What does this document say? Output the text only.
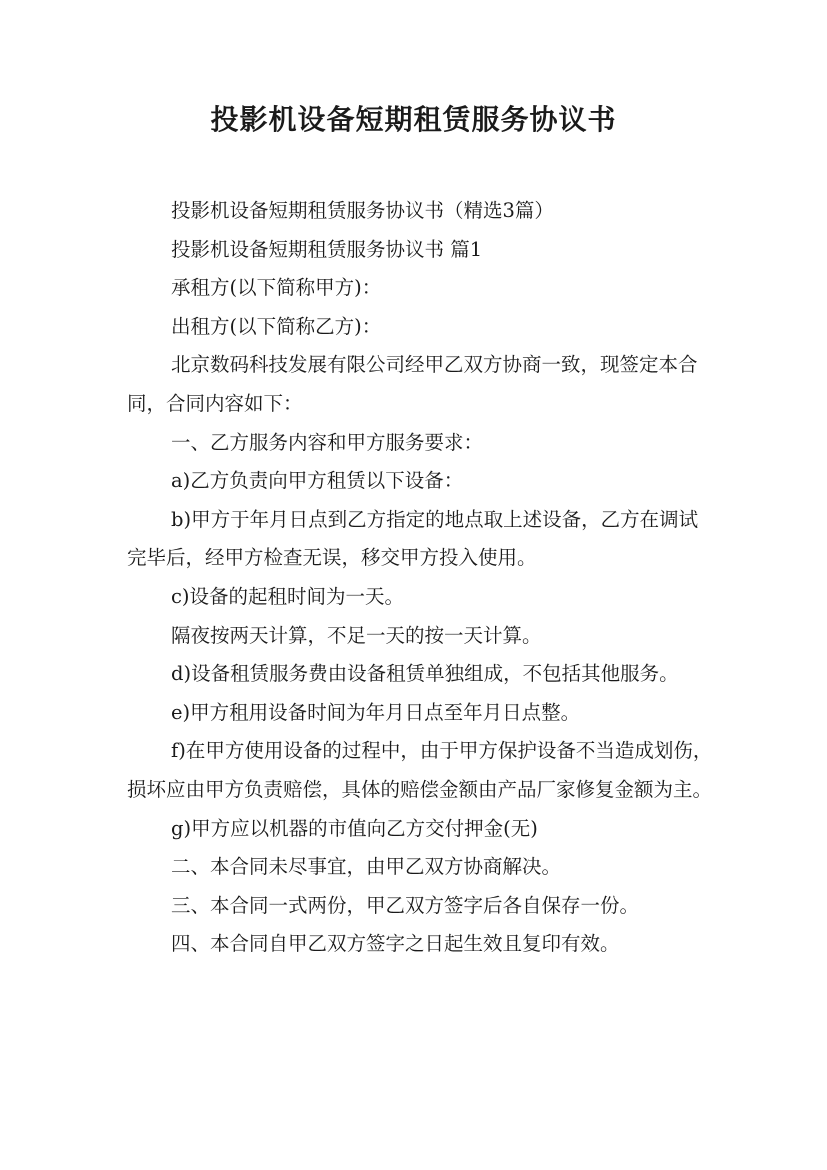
投影机设备短期租赁服务协议书

投影机设备短期租赁服务协议书（精选3篇）

投影机设备短期租赁服务协议书 篇1

承租方(以下简称甲方)：

出租方(以下简称乙方)：

北京数码科技发展有限公司经甲乙双方协商一致，现签定本合同，合同内容如下：

一、乙方服务内容和甲方服务要求：

a)乙方负责向甲方租赁以下设备：

b)甲方于年月日点到乙方指定的地点取上述设备，乙方在调试完毕后，经甲方检查无误，移交甲方投入使用。

c)设备的起租时间为一天。

隔夜按两天计算，不足一天的按一天计算。

d)设备租赁服务费由设备租赁单独组成，不包括其他服务。

e)甲方租用设备时间为年月日点至年月日点整。

f)在甲方使用设备的过程中，由于甲方保护设备不当造成划伤，损坏应由甲方负责赔偿，具体的赔偿金额由产品厂家修复金额为主。

g)甲方应以机器的市值向乙方交付押金(无)

二、本合同未尽事宜，由甲乙双方协商解决。

三、本合同一式两份，甲乙双方签字后各自保存一份。

四、本合同自甲乙双方签字之日起生效且复印有效。
